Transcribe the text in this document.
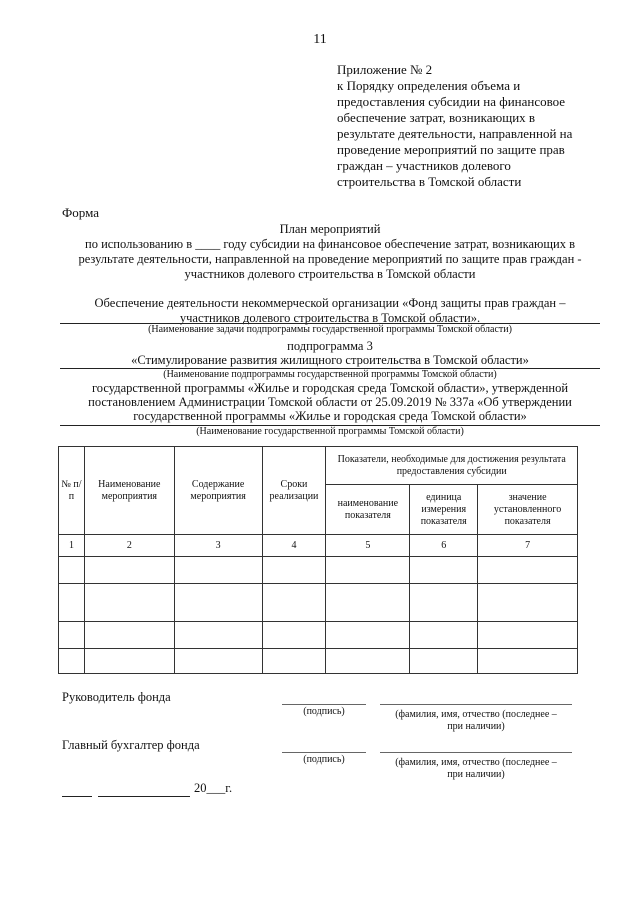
11
Приложение № 2
к Порядку определения объема и
предоставления субсидии на финансовое
обеспечение затрат, возникающих в
результате деятельности, направленной на
проведение мероприятий по защите прав
граждан – участников долевого
строительства в Томской области
Форма
План мероприятий
по использованию в ____ году субсидии на финансовое обеспечение затрат, возникающих в
результате деятельности, направленной на проведение мероприятий по защите прав граждан -
участников долевого строительства в Томской области
Обеспечение деятельности некоммерческой организации «Фонд защиты прав граждан –
участников долевого строительства в Томской области».
(Наименование задачи подпрограммы государственной программы Томской области)
подпрограмма 3
«Стимулирование развития жилищного строительства в Томской области»
(Наименование подпрограммы государственной программы Томской области)
государственной программы «Жилье и городская среда Томской области», утвержденной
постановлением Администрации Томской области от 25.09.2019 № 337а «Об утверждении
государственной программы «Жилье и городская среда Томской области»
(Наименование государственной программы Томской области)
№ п/п	Наименование мероприятия	Содержание мероприятия	Сроки реализации	Показатели, необходимые для достижения результата предоставления субсидии		
				наименование показателя	единица измерения показателя	значение установленного показателя
1	2	3	4	5	6	7

Руководитель фонда
(подпись)	(фамилия, имя, отчество (последнее –
при наличии)
Главный бухгалтер фонда
(подпись)	(фамилия, имя, отчество (последнее –
при наличии)
20___г.
